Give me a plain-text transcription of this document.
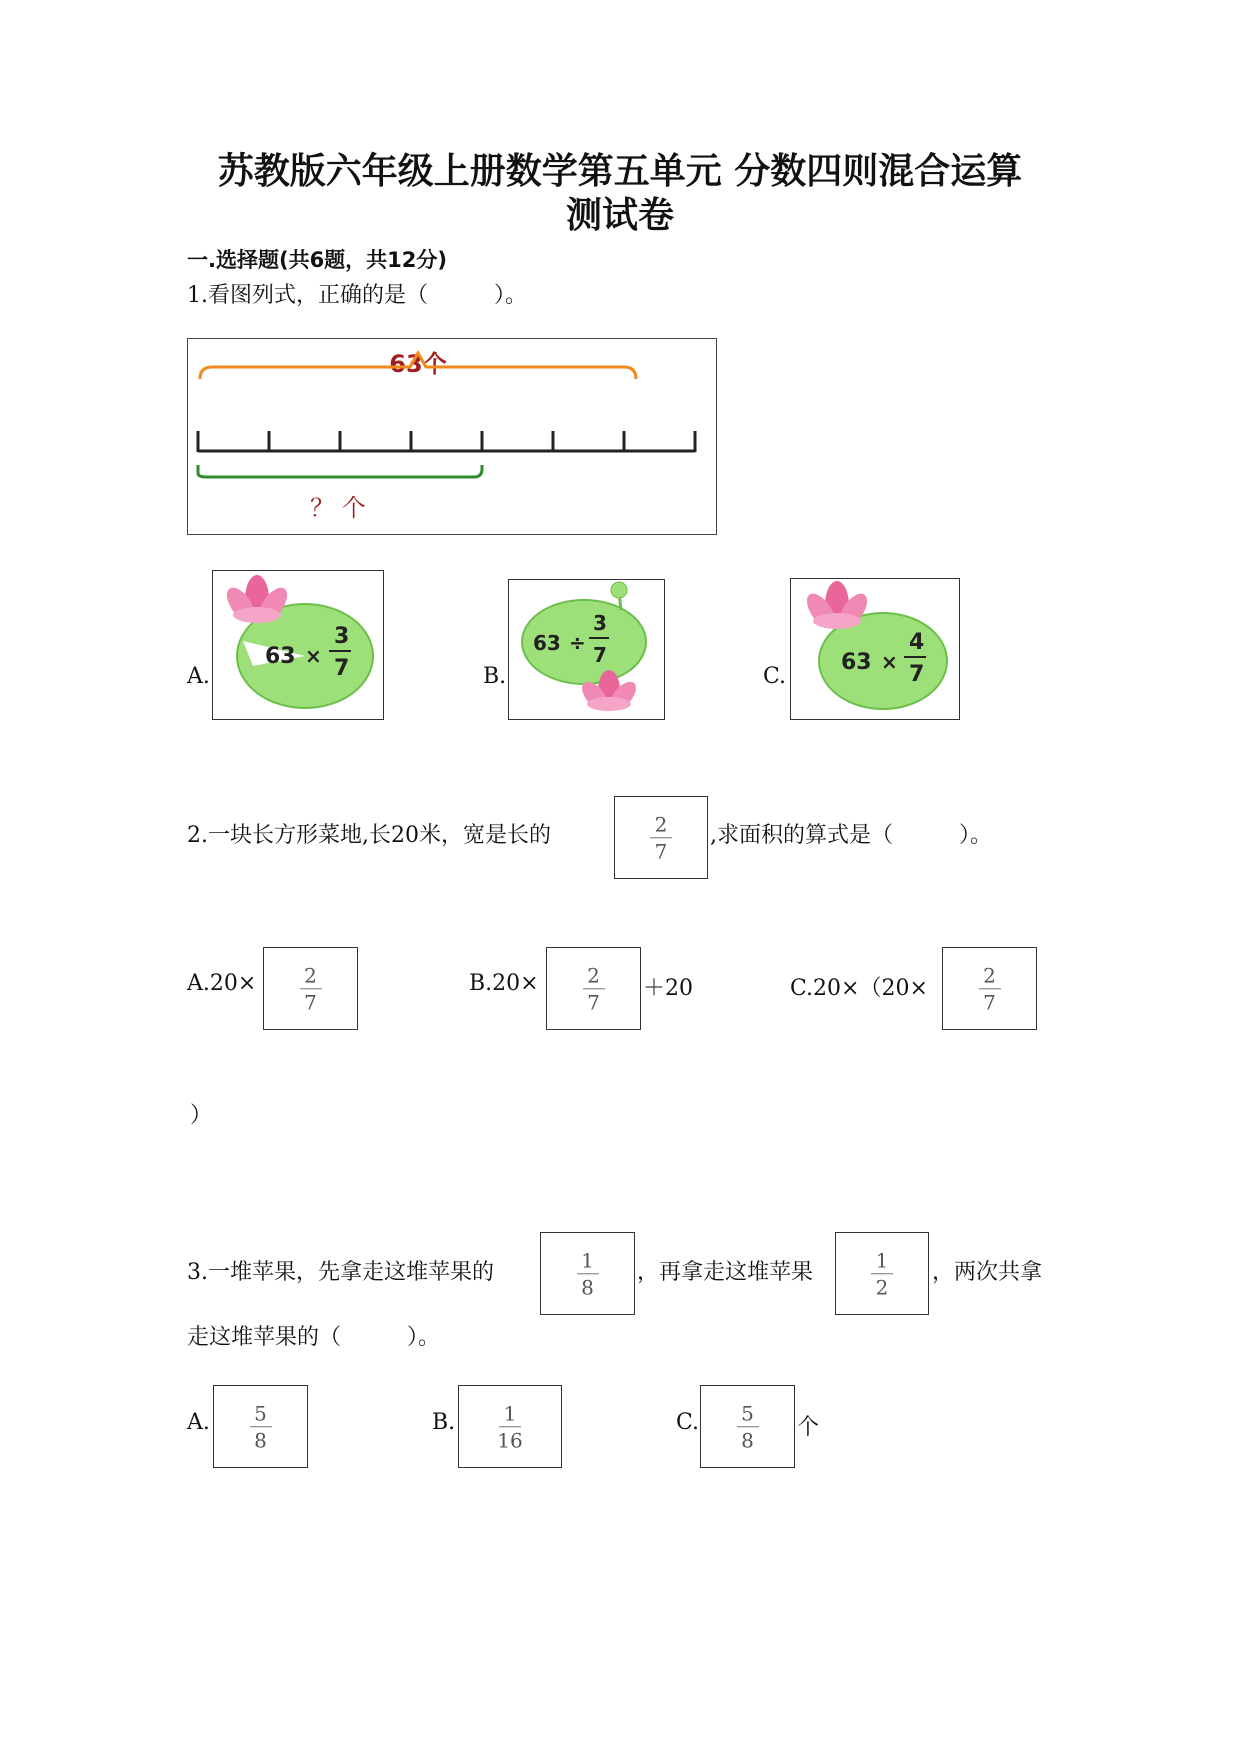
苏教版六年级上册数学第五单元 分数四则混合运算
测试卷
一.选择题(共6题，共12分)
1.看图列式，正确的是（　　　）。
63个
？ 个
A.
63 ×
3
7	B.
63 ÷
3
7
C.
63 ×
4
7
2.一块长方形菜地,长20米，宽是长的	2
7
,求面积的算式是（　　　）。
A.20× 2
7
B.20× 2
7
＋20	C.20×（20×
2
7
）
3.一堆苹果，先拿走这堆苹果的
1
8
，再拿走这堆苹果
1
2
，两次共拿
走这堆苹果的（　　　）。
A. 5
8
B. 1
16
C. 5
8
个
